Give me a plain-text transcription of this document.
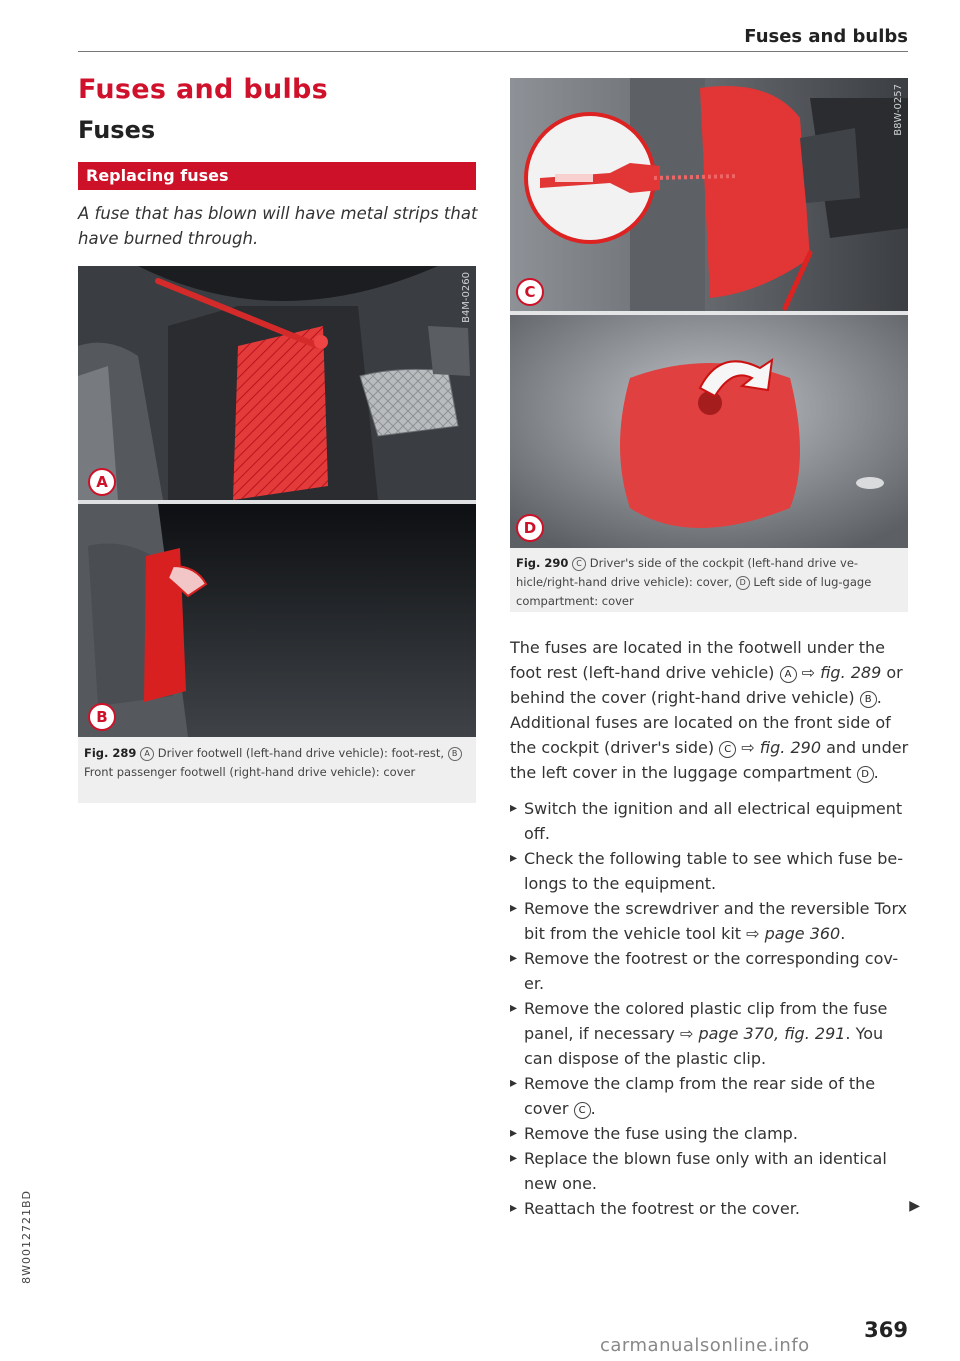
Fuses and bulbs
Fuses and bulbs
Fuses
Replacing fuses
A fuse that has blown will have metal strips that have burned through.
A
B
B4M-0260
Fig. 289 A Driver footwell (left-hand drive vehicle): foot-rest, B Front passenger footwell (right-hand drive vehicle): cover
C
D
B8W-0257
Fig. 290 C Driver's side of the cockpit (left-hand drive ve-hicle/right-hand drive vehicle): cover, D Left side of lug-gage compartment: cover
The fuses are located in the footwell under the foot rest (left-hand drive vehicle) A ⇨ fig. 289 or behind the cover (right-hand drive vehicle) B . Additional fuses are located on the front side of the cockpit (driver's side) C ⇨ fig. 290 and under the left cover in the luggage compartment D .
▸ Switch the ignition and all electrical equipment off.
▸ Check the following table to see which fuse be-longs to the equipment.
▸ Remove the screwdriver and the reversible Torx bit from the vehicle tool kit ⇨ page 360.
▸ Remove the footrest or the corresponding cov-er.
▸ Remove the colored plastic clip from the fuse panel, if necessary ⇨ page 370, fig. 291. You can dispose of the plastic clip.
▸ Remove the clamp from the rear side of the cover C .
▸ Remove the fuse using the clamp.
▸ Replace the blown fuse only with an identical new one.
▸ Reattach the footrest or the cover.	▶
8W0012721BD
369
carmanualsonline.info
